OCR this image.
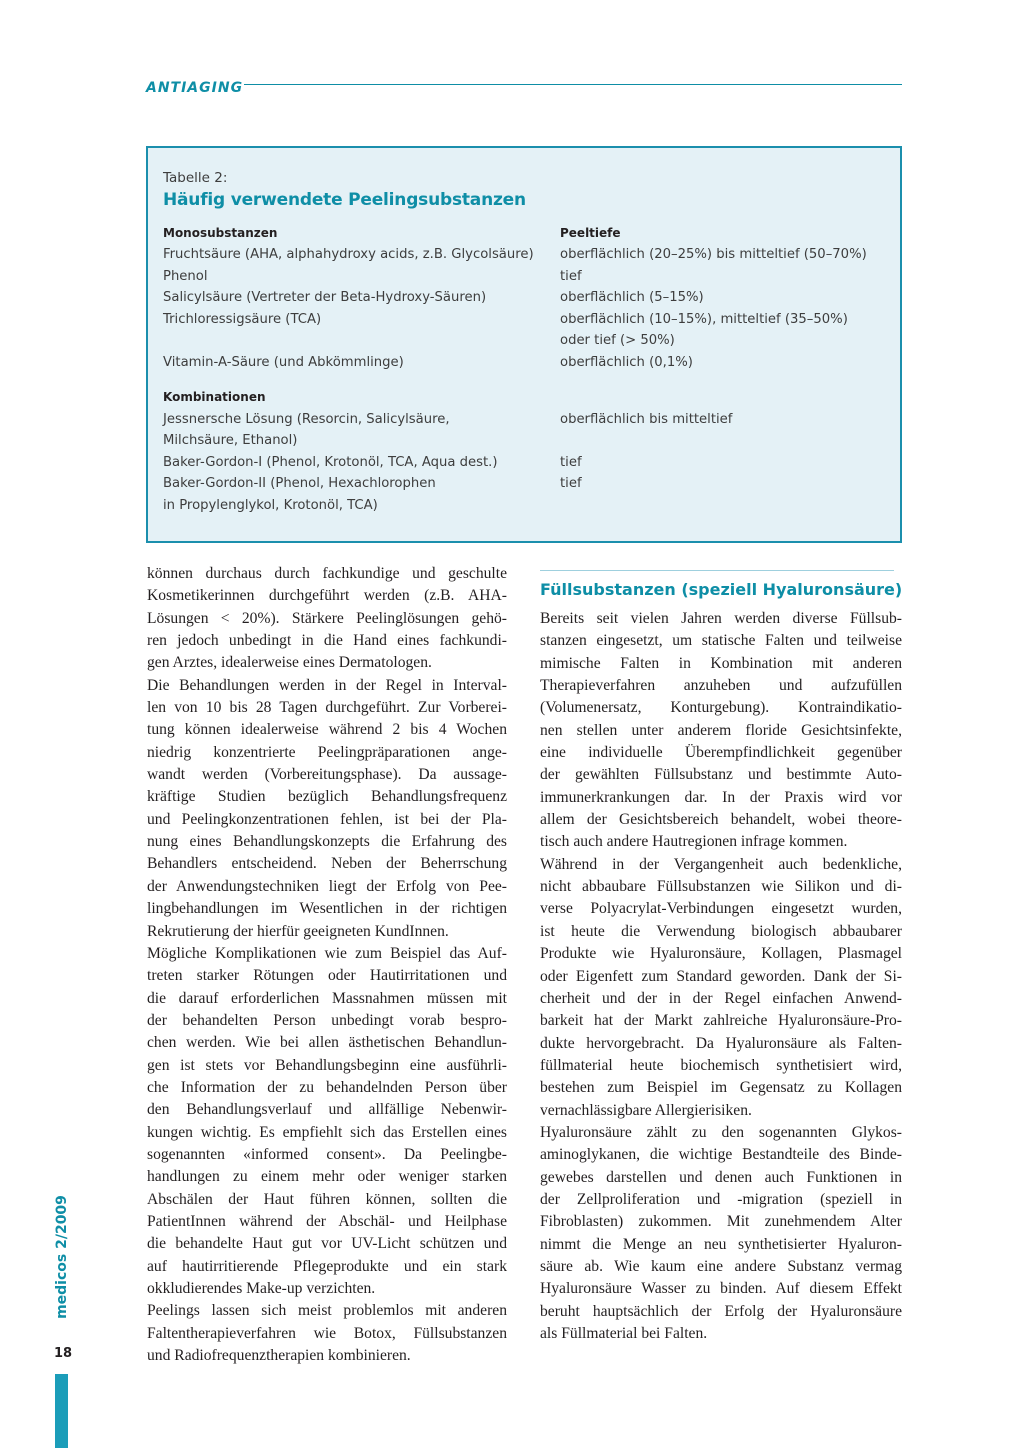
ANTIAGING
Tabelle 2:
Häufig verwendete Peelingsubstanzen
Monosubstanzen	Peeltiefe
Fruchtsäure (AHA, alphahydroxy acids, z.B. Glycolsäure) oberflächlich (20–25%) bis mitteltief (50–70%)
Phenol	tief
Salicylsäure (Vertreter der Beta-Hydroxy-Säuren)	oberflächlich (5–15%)
Trichloressigsäure (TCA)	oberflächlich (10–15%), mitteltief (35–50%)
oder tief (> 50%)
Vitamin-A-Säure (und Abkömmlinge)	oberflächlich (0,1%)
Kombinationen
Jessnersche Lösung (Resorcin, Salicylsäure,	oberflächlich bis mitteltief
Milchsäure, Ethanol)
Baker-Gordon-I (Phenol, Krotonöl, TCA, Aqua dest.)	tief
Baker-Gordon-II (Phenol, Hexachlorophen	tief
in Propylenglykol, Krotonöl, TCA)
können durchaus durch fachkundige und geschulte
Kosmetikerinnen durchgeführt werden (z.B. AHA-
Lösungen < 20%). Stärkere Peelinglösungen gehö-
ren jedoch unbedingt in die Hand eines fachkundi-
gen Arztes, idealerweise eines Dermatologen.
Die Behandlungen werden in der Regel in Interval-
len von 10 bis 28 Tagen durchgeführt. Zur Vorberei-
tung können idealerweise während 2 bis 4 Wochen
niedrig konzentrierte Peelingpräparationen ange-
wandt werden (Vorbereitungsphase). Da aussage-
kräftige Studien bezüglich Behandlungsfrequenz
und Peelingkonzentrationen fehlen, ist bei der Pla-
nung eines Behandlungskonzepts die Erfahrung des
Behandlers entscheidend. Neben der Beherrschung
der Anwendungstechniken liegt der Erfolg von Pee-
lingbehandlungen im Wesentlichen in der richtigen
Rekrutierung der hierfür geeigneten KundInnen.
Mögliche Komplikationen wie zum Beispiel das Auf-
treten starker Rötungen oder Hautirritationen und
die darauf erforderlichen Massnahmen müssen mit
der behandelten Person unbedingt vorab bespro-
chen werden. Wie bei allen ästhetischen Behandlun-
gen ist stets vor Behandlungsbeginn eine ausführli-
che Information der zu behandelnden Person über
den Behandlungsverlauf und allfällige Nebenwir-
kungen wichtig. Es empfiehlt sich das Erstellen eines
sogenannten «informed consent». Da Peelingbe-
handlungen zu einem mehr oder weniger starken
Abschälen der Haut führen können, sollten die
PatientInnen während der Abschäl- und Heilphase
die behandelte Haut gut vor UV-Licht schützen und
auf hautirritierende Pflegeprodukte und ein stark
okkludierendes Make-up verzichten.
Peelings lassen sich meist problemlos mit anderen
Faltentherapieverfahren wie Botox, Füllsubstanzen
und Radiofrequenztherapien kombinieren.
Füllsubstanzen (speziell Hyaluronsäure)
Bereits seit vielen Jahren werden diverse Füllsub-
stanzen eingesetzt, um statische Falten und teilweise
mimische Falten in Kombination mit anderen
Therapieverfahren anzuheben und aufzufüllen
(Volumenersatz, Konturgebung). Kontraindikatio-
nen stellen unter anderem floride Gesichtsinfekte,
eine individuelle Überempfindlichkeit gegenüber
der gewählten Füllsubstanz und bestimmte Auto-
immunerkrankungen dar. In der Praxis wird vor
allem der Gesichtsbereich behandelt, wobei theore-
tisch auch andere Hautregionen infrage kommen.
Während in der Vergangenheit auch bedenkliche,
nicht abbaubare Füllsubstanzen wie Silikon und di-
verse Polyacrylat-Verbindungen eingesetzt wurden,
ist heute die Verwendung biologisch abbaubarer
Produkte wie Hyaluronsäure, Kollagen, Plasmagel
oder Eigenfett zum Standard geworden. Dank der Si-
cherheit und der in der Regel einfachen Anwend-
barkeit hat der Markt zahlreiche Hyaluronsäure-Pro-
dukte hervorgebracht. Da Hyaluronsäure als Falten-
füllmaterial heute biochemisch synthetisiert wird,
bestehen zum Beispiel im Gegensatz zu Kollagen
vernachlässigbare Allergierisiken.
Hyaluronsäure zählt zu den sogenannten Glykos-
aminoglykanen, die wichtige Bestandteile des Binde-
gewebes darstellen und denen auch Funktionen in
der Zellproliferation und -migration (speziell in
Fibroblasten) zukommen. Mit zunehmendem Alter
nimmt die Menge an neu synthetisierter Hyaluron-
säure ab. Wie kaum eine andere Substanz vermag
Hyaluronsäure Wasser zu binden. Auf diesem Effekt
beruht hauptsächlich der Erfolg der Hyaluronsäure
als Füllmaterial bei Falten.
medicos 2/2009
18
